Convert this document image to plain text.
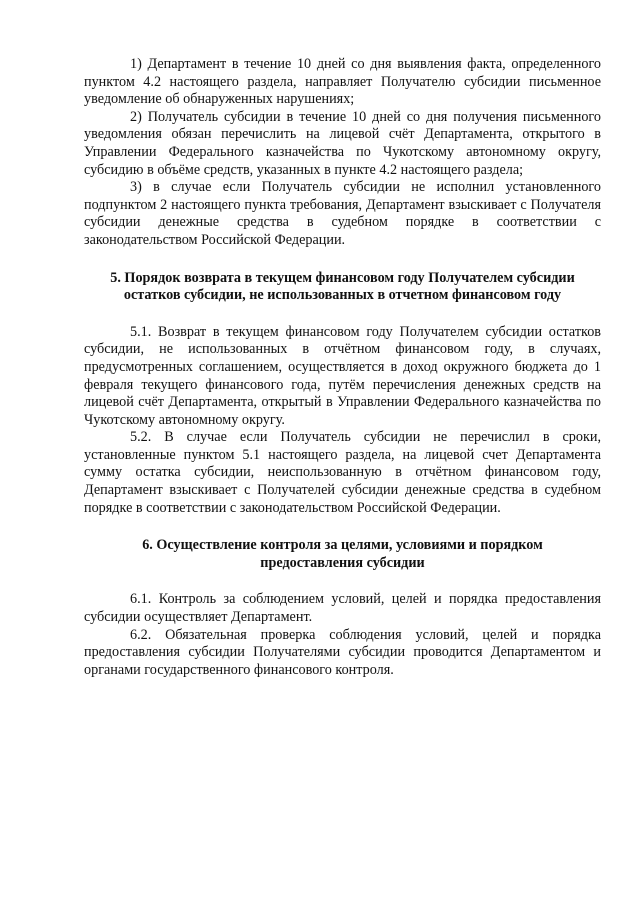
1) Департамент в течение 10 дней со дня выявления факта, определенного пунктом 4.2 настоящего раздела, направляет Получателю субсидии письменное уведомление об обнаруженных нарушениях;

2) Получатель субсидии в течение 10 дней со дня получения письменного уведомления обязан перечислить на лицевой счёт Департамента, открытого в Управлении Федерального казначейства по Чукотскому автономному округу, субсидию в объёме средств, указанных в пункте 4.2 настоящего раздела;

3) в случае если Получатель субсидии не исполнил установленного подпунктом 2 настоящего пункта требования, Департамент взыскивает с Получателя субсидии денежные средства в судебном порядке в соответствии с законодательством Российской Федерации.

5. Порядок возврата в текущем финансовом году Получателем субсидии
остатков субсидии, не использованных в отчетном финансовом году

5.1. Возврат в текущем финансовом году Получателем субсидии остатков субсидии, не использованных в отчётном финансовом году, в случаях, предусмотренных соглашением, осуществляется в доход окружного бюджета до 1 февраля текущего финансового года, путём перечисления денежных средств на лицевой счёт Департамента, открытый в Управлении Федерального казначейства по Чукотскому автономному округу.

5.2. В случае если Получатель субсидии не перечислил в сроки, установленные пунктом 5.1 настоящего раздела, на лицевой счет Департамента сумму остатка субсидии, неиспользованную в отчётном финансовом году, Департамент взыскивает с Получателей субсидии денежные средства в судебном порядке в соответствии с законодательством Российской Федерации.

6. Осуществление контроля за целями, условиями и порядком
предоставления субсидии

6.1. Контроль за соблюдением условий, целей и порядка предоставления субсидии осуществляет Департамент.

6.2. Обязательная проверка соблюдения условий, целей и порядка предоставления субсидии Получателями субсидии проводится Департаментом и органами государственного финансового контроля.
